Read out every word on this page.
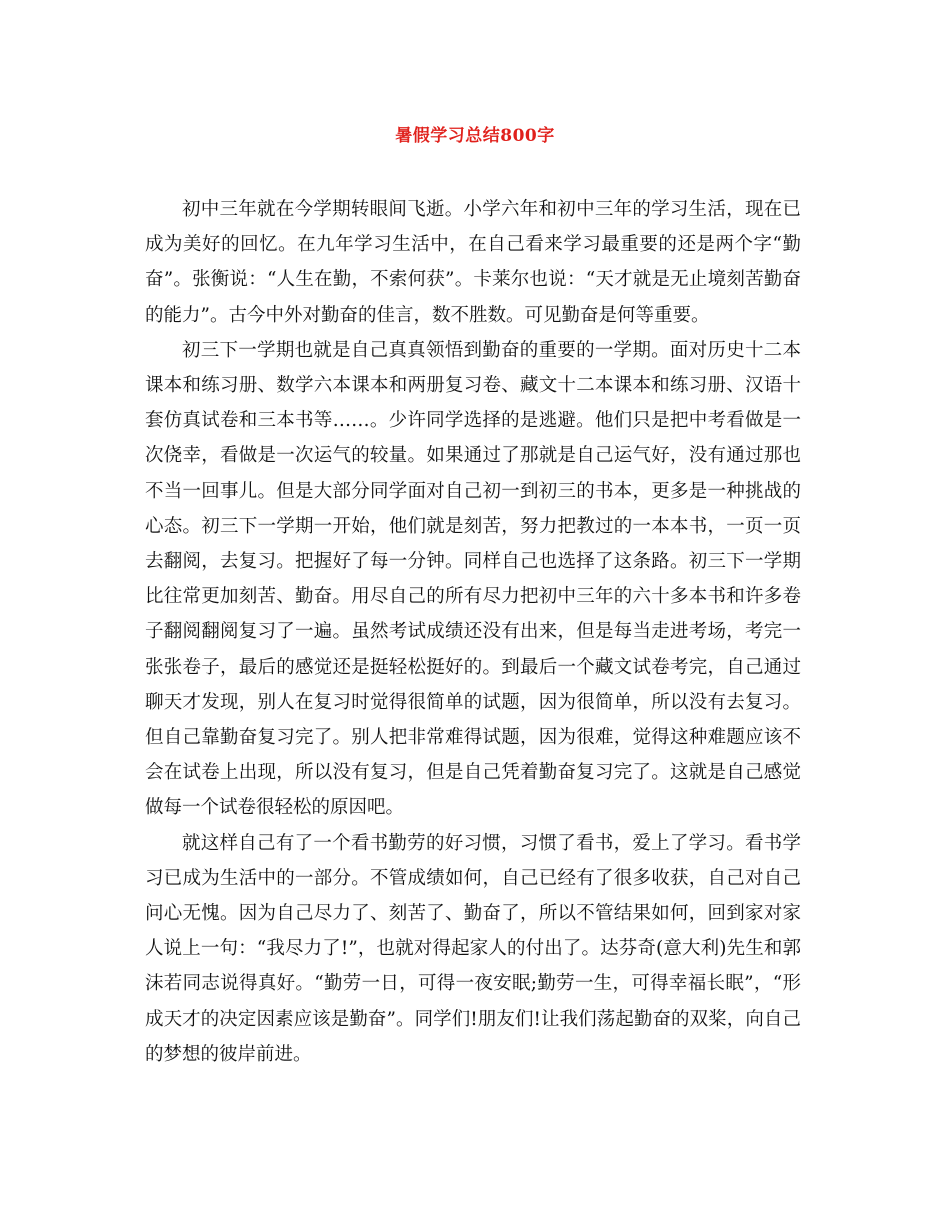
暑假学习总结800字

初中三年就在今学期转眼间飞逝。小学六年和初中三年的学习生活，现在已成为美好的回忆。在九年学习生活中，在自己看来学习最重要的还是两个字“勤奋”。张衡说：“人生在勤，不索何获”。卡莱尔也说：“天才就是无止境刻苦勤奋的能力”。古今中外对勤奋的佳言，数不胜数。可见勤奋是何等重要。

初三下一学期也就是自己真真领悟到勤奋的重要的一学期。面对历史十二本课本和练习册、数学六本课本和两册复习卷、藏文十二本课本和练习册、汉语十套仿真试卷和三本书等……。少许同学选择的是逃避。他们只是把中考看做是一次侥幸，看做是一次运气的较量。如果通过了那就是自己运气好，没有通过那也不当一回事儿。但是大部分同学面对自己初一到初三的书本，更多是一种挑战的心态。初三下一学期一开始，他们就是刻苦，努力把教过的一本本书，一页一页去翻阅，去复习。把握好了每一分钟。同样自己也选择了这条路。初三下一学期比往常更加刻苦、勤奋。用尽自己的所有尽力把初中三年的六十多本书和许多卷子翻阅翻阅复习了一遍。虽然考试成绩还没有出来，但是每当走进考场，考完一张张卷子，最后的感觉还是挺轻松挺好的。到最后一个藏文试卷考完，自己通过聊天才发现，别人在复习时觉得很简单的试题，因为很简单，所以没有去复习。但自己靠勤奋复习完了。别人把非常难得试题，因为很难，觉得这种难题应该不会在试卷上出现，所以没有复习，但是自己凭着勤奋复习完了。这就是自己感觉做每一个试卷很轻松的原因吧。

就这样自己有了一个看书勤劳的好习惯，习惯了看书，爱上了学习。看书学习已成为生活中的一部分。不管成绩如何，自己已经有了很多收获，自己对自己问心无愧。因为自己尽力了、刻苦了、勤奋了，所以不管结果如何，回到家对家人说上一句：“我尽力了!”，也就对得起家人的付出了。达芬奇(意大利)先生和郭沫若同志说得真好。“勤劳一日，可得一夜安眠;勤劳一生，可得幸福长眠”，“形成天才的决定因素应该是勤奋”。同学们!朋友们!让我们荡起勤奋的双桨，向自己的梦想的彼岸前进。
